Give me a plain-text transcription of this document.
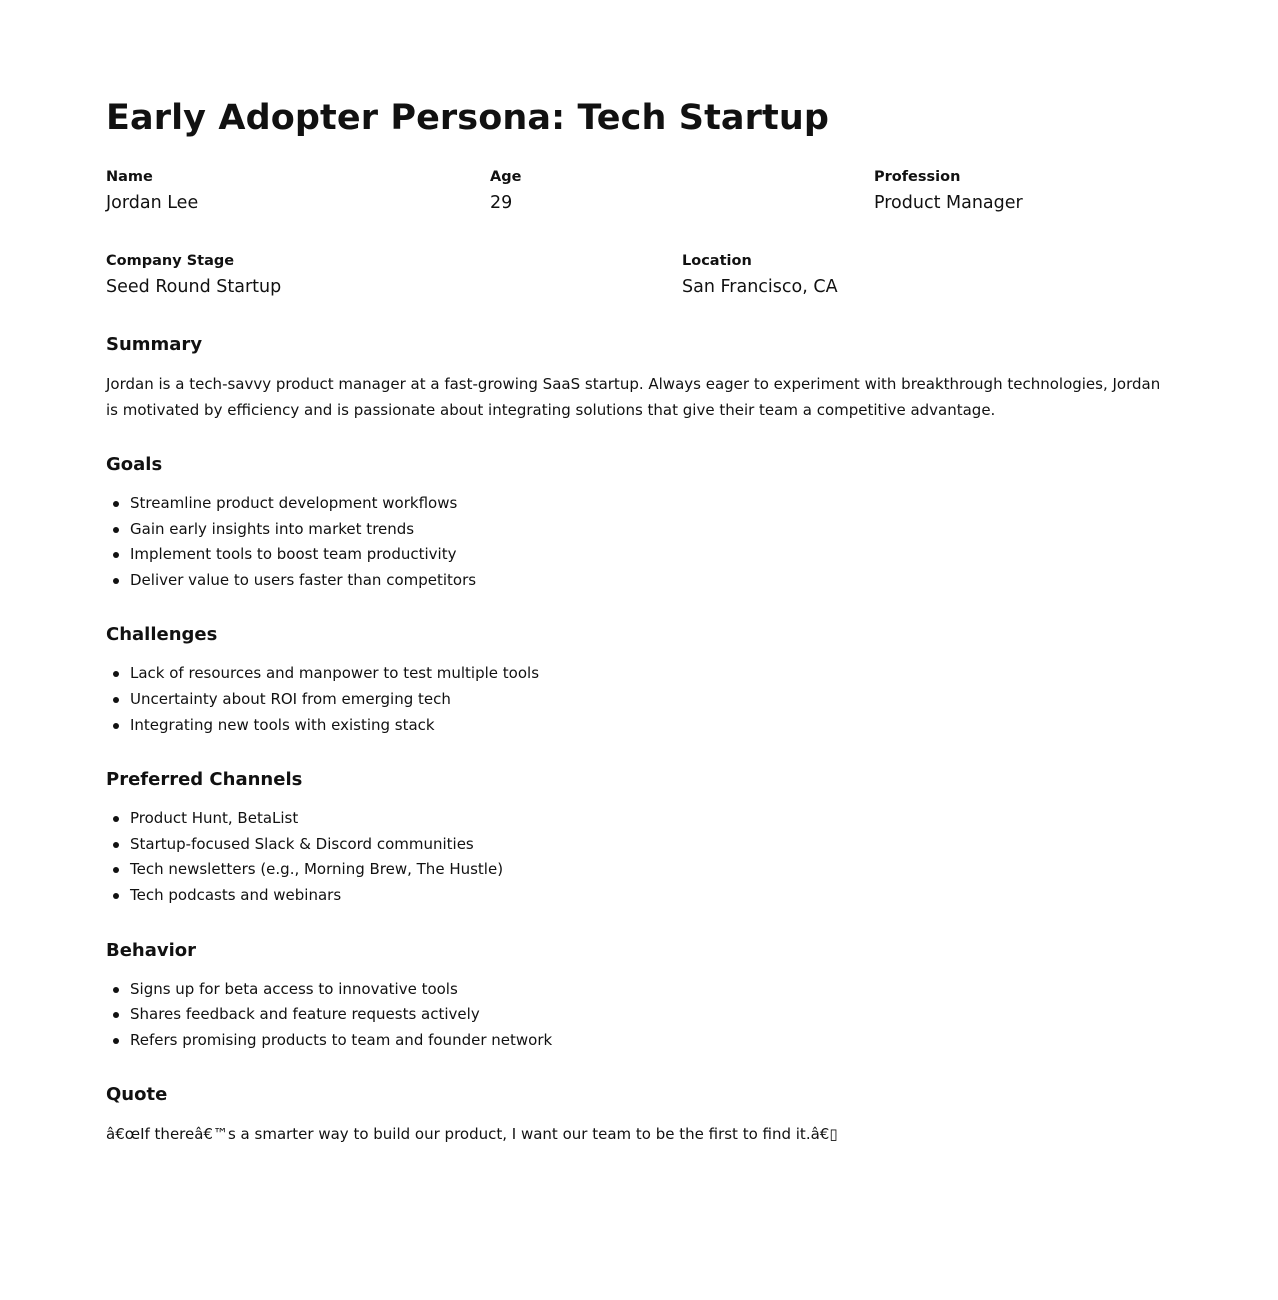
Early Adopter Persona: Tech Startup
Name
Jordan Lee
Age
29
Profession
Product Manager
Company Stage
Seed Round Startup
Location
San Francisco, CA
Summary

Jordan is a tech-savvy product manager at a fast-growing SaaS startup. Always eager to experiment with breakthrough technologies, Jordan is motivated by efficiency and is passionate about integrating solutions that give their team a competitive advantage.

Goals
Streamline product development workflows
Gain early insights into market trends
Implement tools to boost team productivity
Deliver value to users faster than competitors
Challenges
Lack of resources and manpower to test multiple tools
Uncertainty about ROI from emerging tech
Integrating new tools with existing stack
Preferred Channels
Product Hunt, BetaList
Startup-focused Slack & Discord communities
Tech newsletters (e.g., Morning Brew, The Hustle)
Tech podcasts and webinars
Behavior
Signs up for beta access to innovative tools
Shares feedback and feature requests actively
Refers promising products to team and founder network
Quote

â€œIf thereâ€™s a smarter way to build our product, I want our team to be the first to find it.â€▯
